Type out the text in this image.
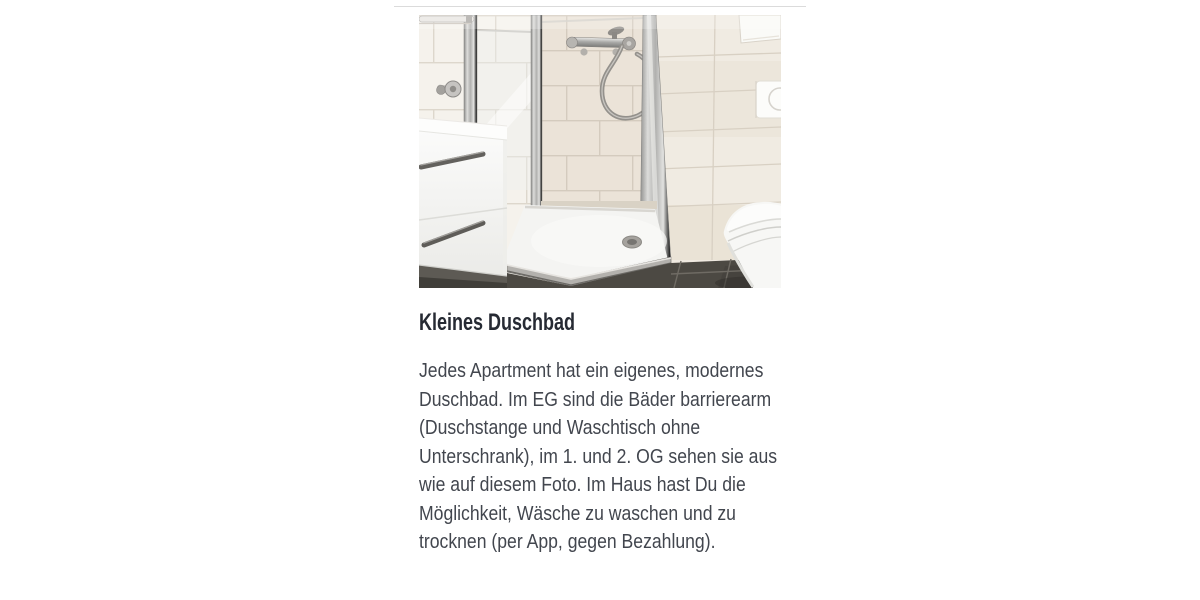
Kleines Duschbad
Jedes Apartment hat ein eigenes, modernes
Duschbad. Im EG sind die Bäder barrierearm
(Duschstange und Waschtisch ohne
Unterschrank), im 1. und 2. OG sehen sie aus
wie auf diesem Foto. Im Haus hast Du die
Möglichkeit, Wäsche zu waschen und zu
trocknen (per App, gegen Bezahlung).
